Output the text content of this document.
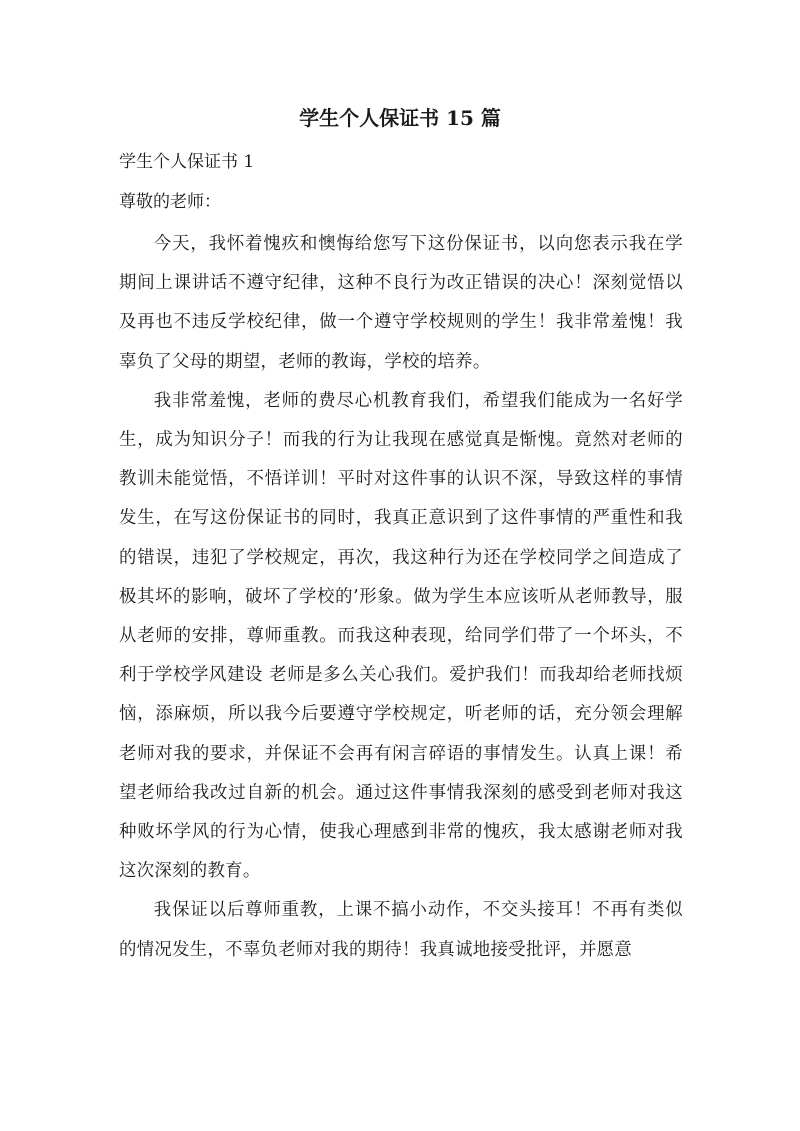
学生个人保证书 15 篇

学生个人保证书 1

尊敬的老师：

今天，我怀着愧疚和懊悔给您写下这份保证书，以向您表示我在学期间上课讲话不遵守纪律，这种不良行为改正错误的决心！深刻觉悟以及再也不违反学校纪律，做一个遵守学校规则的学生！我非常羞愧！我辜负了父母的期望，老师的教诲，学校的培养。

我非常羞愧，老师的费尽心机教育我们，希望我们能成为一名好学生，成为知识分子！而我的行为让我现在感觉真是惭愧。竟然对老师的教训未能觉悟，不悟详训！平时对这件事的认识不深，导致这样的事情发生，在写这份保证书的同时，我真正意识到了这件事情的严重性和我的错误，违犯了学校规定，再次，我这种行为还在学校同学之间造成了极其坏的影响，破坏了学校的’形象。做为学生本应该听从老师教导，服从老师的安排，尊师重教。而我这种表现，给同学们带了一个坏头，不利于学校学风建设 老师是多么关心我们。爱护我们！而我却给老师找烦恼，添麻烦，所以我今后要遵守学校规定，听老师的话，充分领会理解老师对我的要求，并保证不会再有闲言碎语的事情发生。认真上课！希望老师给我改过自新的机会。通过这件事情我深刻的感受到老师对我这种败坏学风的行为心情，使我心理感到非常的愧疚，我太感谢老师对我这次深刻的教育。

我保证以后尊师重教，上课不搞小动作，不交头接耳！不再有类似的情况发生，不辜负老师对我的期待！我真诚地接受批评，并愿意
